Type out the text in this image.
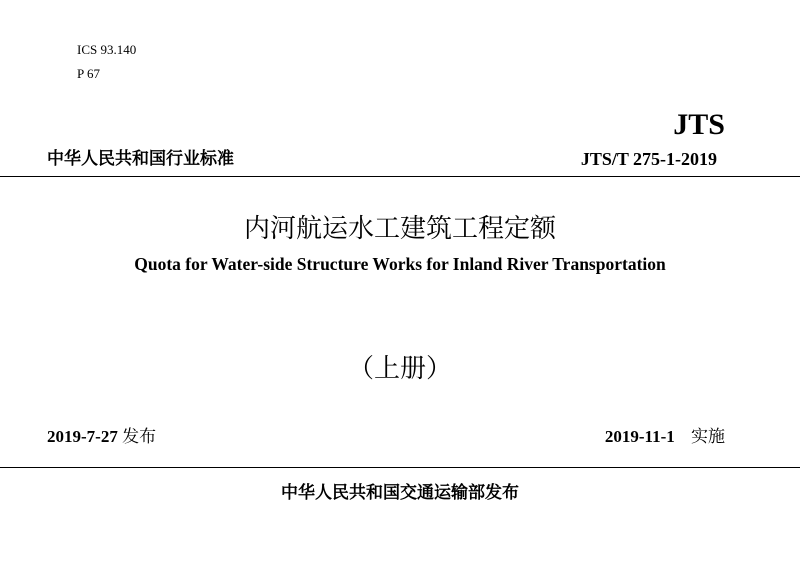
ICS 93.140
P 67
JTS
中华人民共和国行业标准	JTS/T 275-1-2019
内河航运水工建筑工程定额
Quota for Water-side Structure Works for Inland River Transportation
（上册）
2019-7-27 发布	2019-11-1 实施
中华人民共和国交通运输部发布
